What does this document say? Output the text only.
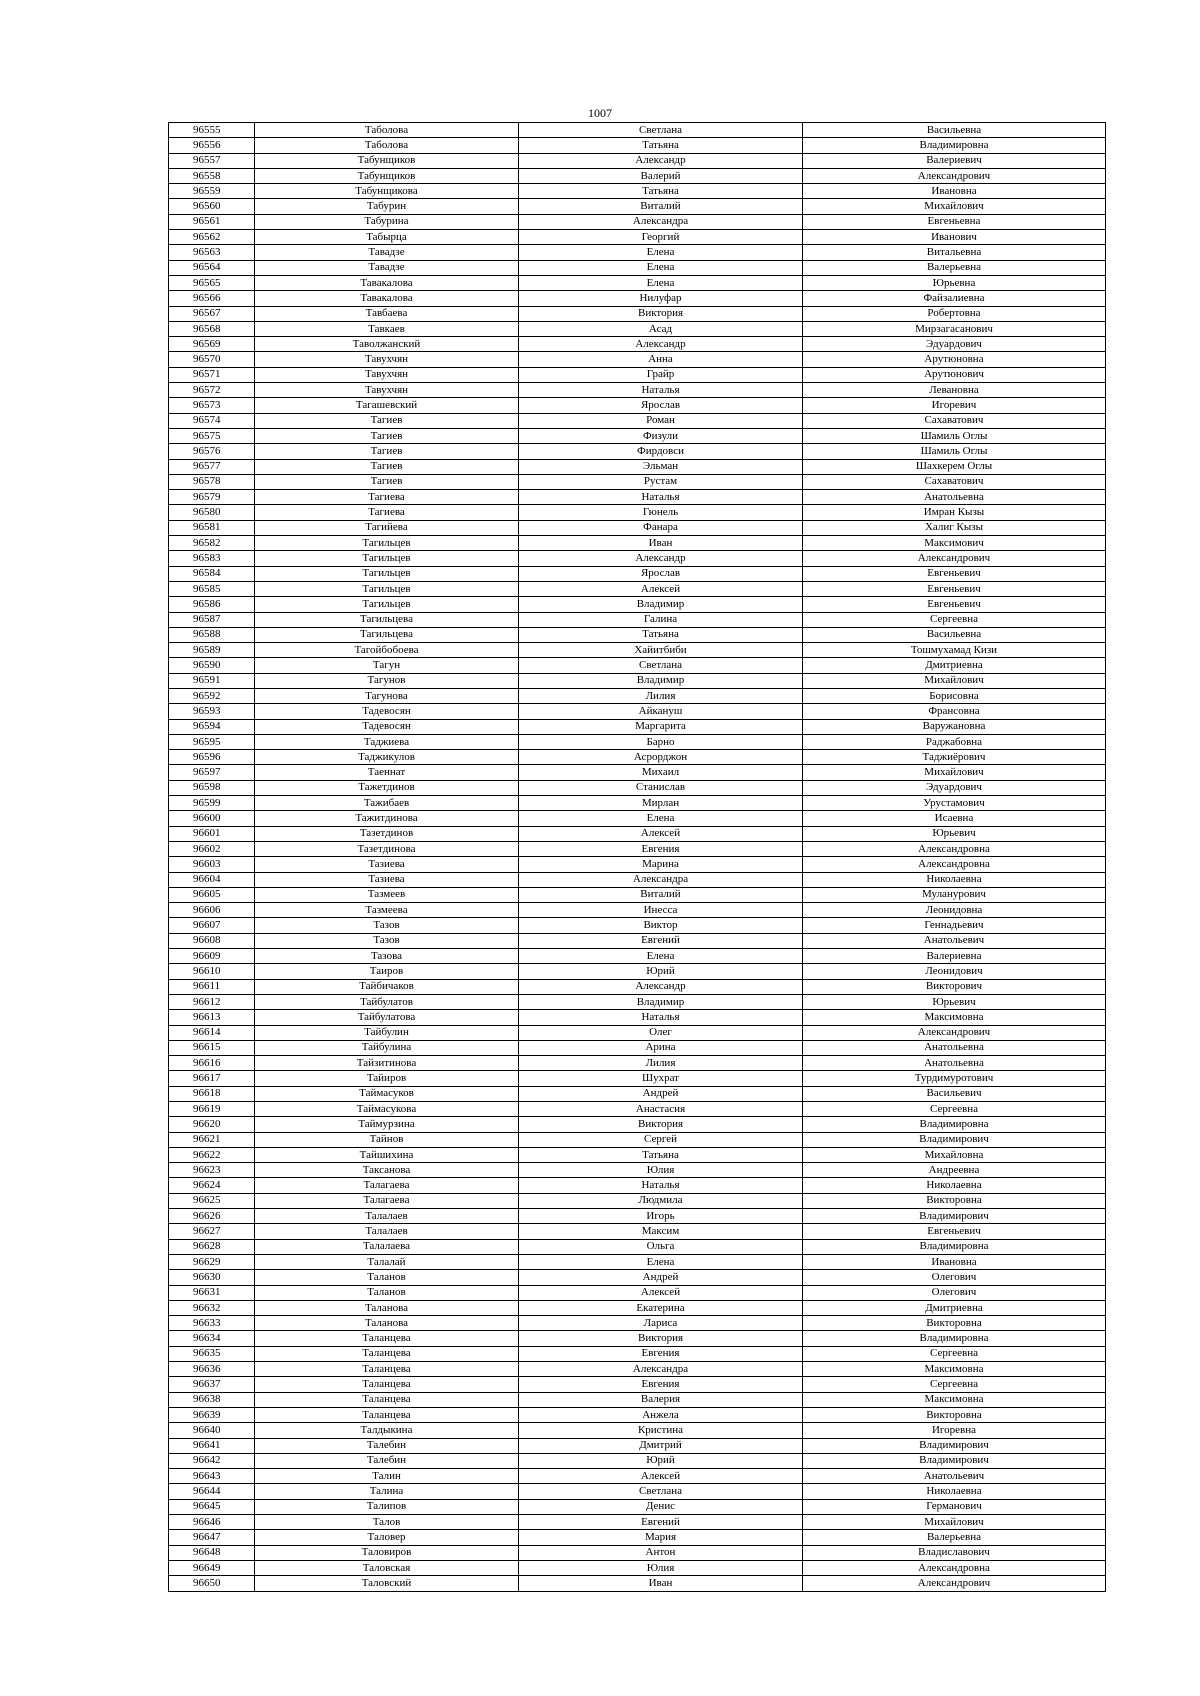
1007
96555	Таболова	Светлана	Васильевна
96556	Таболова	Татьяна	Владимировна
96557	Табунщиков	Александр	Валериевич
96558	Табунщиков	Валерий	Александрович
96559	Табунщикова	Татьяна	Ивановна
96560	Табурин	Виталий	Михайлович
96561	Табурина	Александра	Евгеньевна
96562	Табырца	Георгий	Иванович
96563	Тавадзе	Елена	Витальевна
96564	Тавадзе	Елена	Валерьевна
96565	Тавакалова	Елена	Юрьевна
96566	Тавакалова	Нилуфар	Файзалиевна
96567	Тавбаева	Виктория	Робертовна
96568	Тавкаев	Асад	Мирзагасанович
96569	Таволжанский	Александр	Эдуардович
96570	Тавухчян	Анна	Арутюновна
96571	Тавухчян	Грайр	Арутюнович
96572	Тавухчян	Наталья	Левановна
96573	Тагашевский	Ярослав	Игоревич
96574	Тагиев	Роман	Сахаватович
96575	Тагиев	Физули	Шамиль Оглы
96576	Тагиев	Фирдовси	Шамиль Оглы
96577	Тагиев	Эльман	Шахкерем Оглы
96578	Тагиев	Рустам	Сахаватович
96579	Тагиева	Наталья	Анатольевна
96580	Тагиева	Гюнель	Имран Кызы
96581	Тагийева	Фанара	Халиг Кызы
96582	Тагильцев	Иван	Максимович
96583	Тагильцев	Александр	Александрович
96584	Тагильцев	Ярослав	Евгеньевич
96585	Тагильцев	Алексей	Евгеньевич
96586	Тагильцев	Владимир	Евгеньевич
96587	Тагильцева	Галина	Сергеевна
96588	Тагильцева	Татьяна	Васильевна
96589	Тагойбобоева	Хайитбиби	Тошмухамад Кизи
96590	Тагун	Светлана	Дмитриевна
96591	Тагунов	Владимир	Михайлович
96592	Тагунова	Лилия	Борисовна
96593	Тадевосян	Айкануш	Франсовна
96594	Тадевосян	Маргарита	Варужановна
96595	Таджиева	Барно	Раджабовна
96596	Таджикулов	Асрорджон	Таджиёрович
96597	Таеннат	Михаил	Михайлович
96598	Тажетдинов	Станислав	Эдуардович
96599	Тажибаев	Мирлан	Урустамович
96600	Тажитдинова	Елена	Исаевна
96601	Тазетдинов	Алексей	Юрьевич
96602	Тазетдинова	Евгения	Александровна
96603	Тазиева	Марина	Александровна
96604	Тазиева	Александра	Николаевна
96605	Тазмеев	Виталий	Муланурович
96606	Тазмеева	Инесса	Леонидовна
96607	Тазов	Виктор	Геннадьевич
96608	Тазов	Евгений	Анатольевич
96609	Тазова	Елена	Валериевна
96610	Таиров	Юрий	Леонидович
96611	Тайбичаков	Александр	Викторович
96612	Тайбулатов	Владимир	Юрьевич
96613	Тайбулатова	Наталья	Максимовна
96614	Тайбулин	Олег	Александрович
96615	Тайбулина	Арина	Анатольевна
96616	Тайзитинова	Лилия	Анатольевна
96617	Тайиров	Шухрат	Турдимуротович
96618	Таймасуков	Андрей	Васильевич
96619	Таймасукова	Анастасия	Сергеевна
96620	Таймурзина	Виктория	Владимировна
96621	Тайнов	Сергей	Владимирович
96622	Тайшихина	Татьяна	Михайловна
96623	Таксанова	Юлия	Андреевна
96624	Талагаева	Наталья	Николаевна
96625	Талагаева	Людмила	Викторовна
96626	Талалаев	Игорь	Владимирович
96627	Талалаев	Максим	Евгеньевич
96628	Талалаева	Ольга	Владимировна
96629	Талалай	Елена	Ивановна
96630	Таланов	Андрей	Олегович
96631	Таланов	Алексей	Олегович
96632	Таланова	Екатерина	Дмитриевна
96633	Таланова	Лариса	Викторовна
96634	Таланцева	Виктория	Владимировна
96635	Таланцева	Евгения	Сергеевна
96636	Таланцева	Александра	Максимовна
96637	Таланцева	Евгения	Сергеевна
96638	Таланцева	Валерия	Максимовна
96639	Таланцева	Анжела	Викторовна
96640	Талдыкина	Кристина	Игоревна
96641	Талебин	Дмитрий	Владимирович
96642	Талебин	Юрий	Владимирович
96643	Талин	Алексей	Анатольевич
96644	Талина	Светлана	Николаевна
96645	Талипов	Денис	Германович
96646	Талов	Евгений	Михайлович
96647	Таловер	Мария	Валерьевна
96648	Таловиров	Антон	Владиславович
96649	Таловская	Юлия	Александровна
96650	Таловский	Иван	Александрович
